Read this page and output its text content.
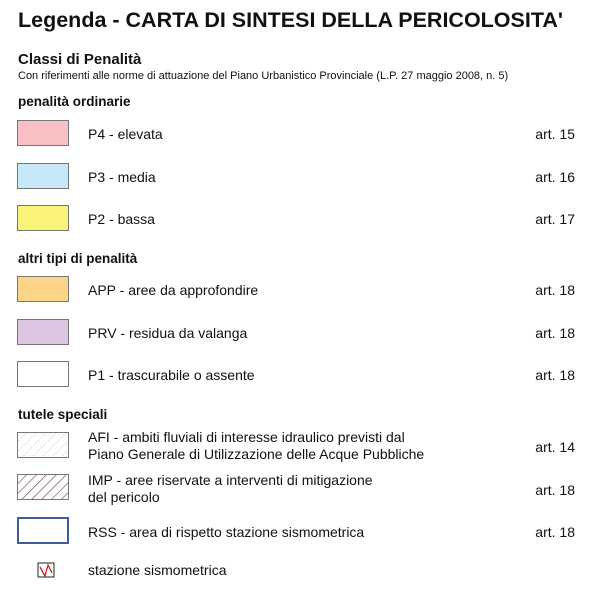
Legenda - CARTA DI SINTESI DELLA PERICOLOSITA'
Classi di Penalità
Con riferimenti alle norme di attuazione del Piano Urbanistico Provinciale (L.P. 27 maggio 2008, n. 5)
penalità ordinarie
P4 - elevata	art. 15
P3 - media	art. 16
P2 - bassa	art. 17
altri tipi di penalità
APP - aree da approfondire	art. 18
PRV - residua da valanga	art. 18
P1 - trascurabile o assente	art. 18
tutele speciali
AFI - ambiti fluviali di interesse idraulico previsti dal
Piano Generale di Utilizzazione delle Acque Pubbliche	art. 14
IMP - aree riservate a interventi di mitigazione
del pericolo	art. 18
RSS - area di rispetto stazione sismometrica	art. 18
stazione sismometrica
